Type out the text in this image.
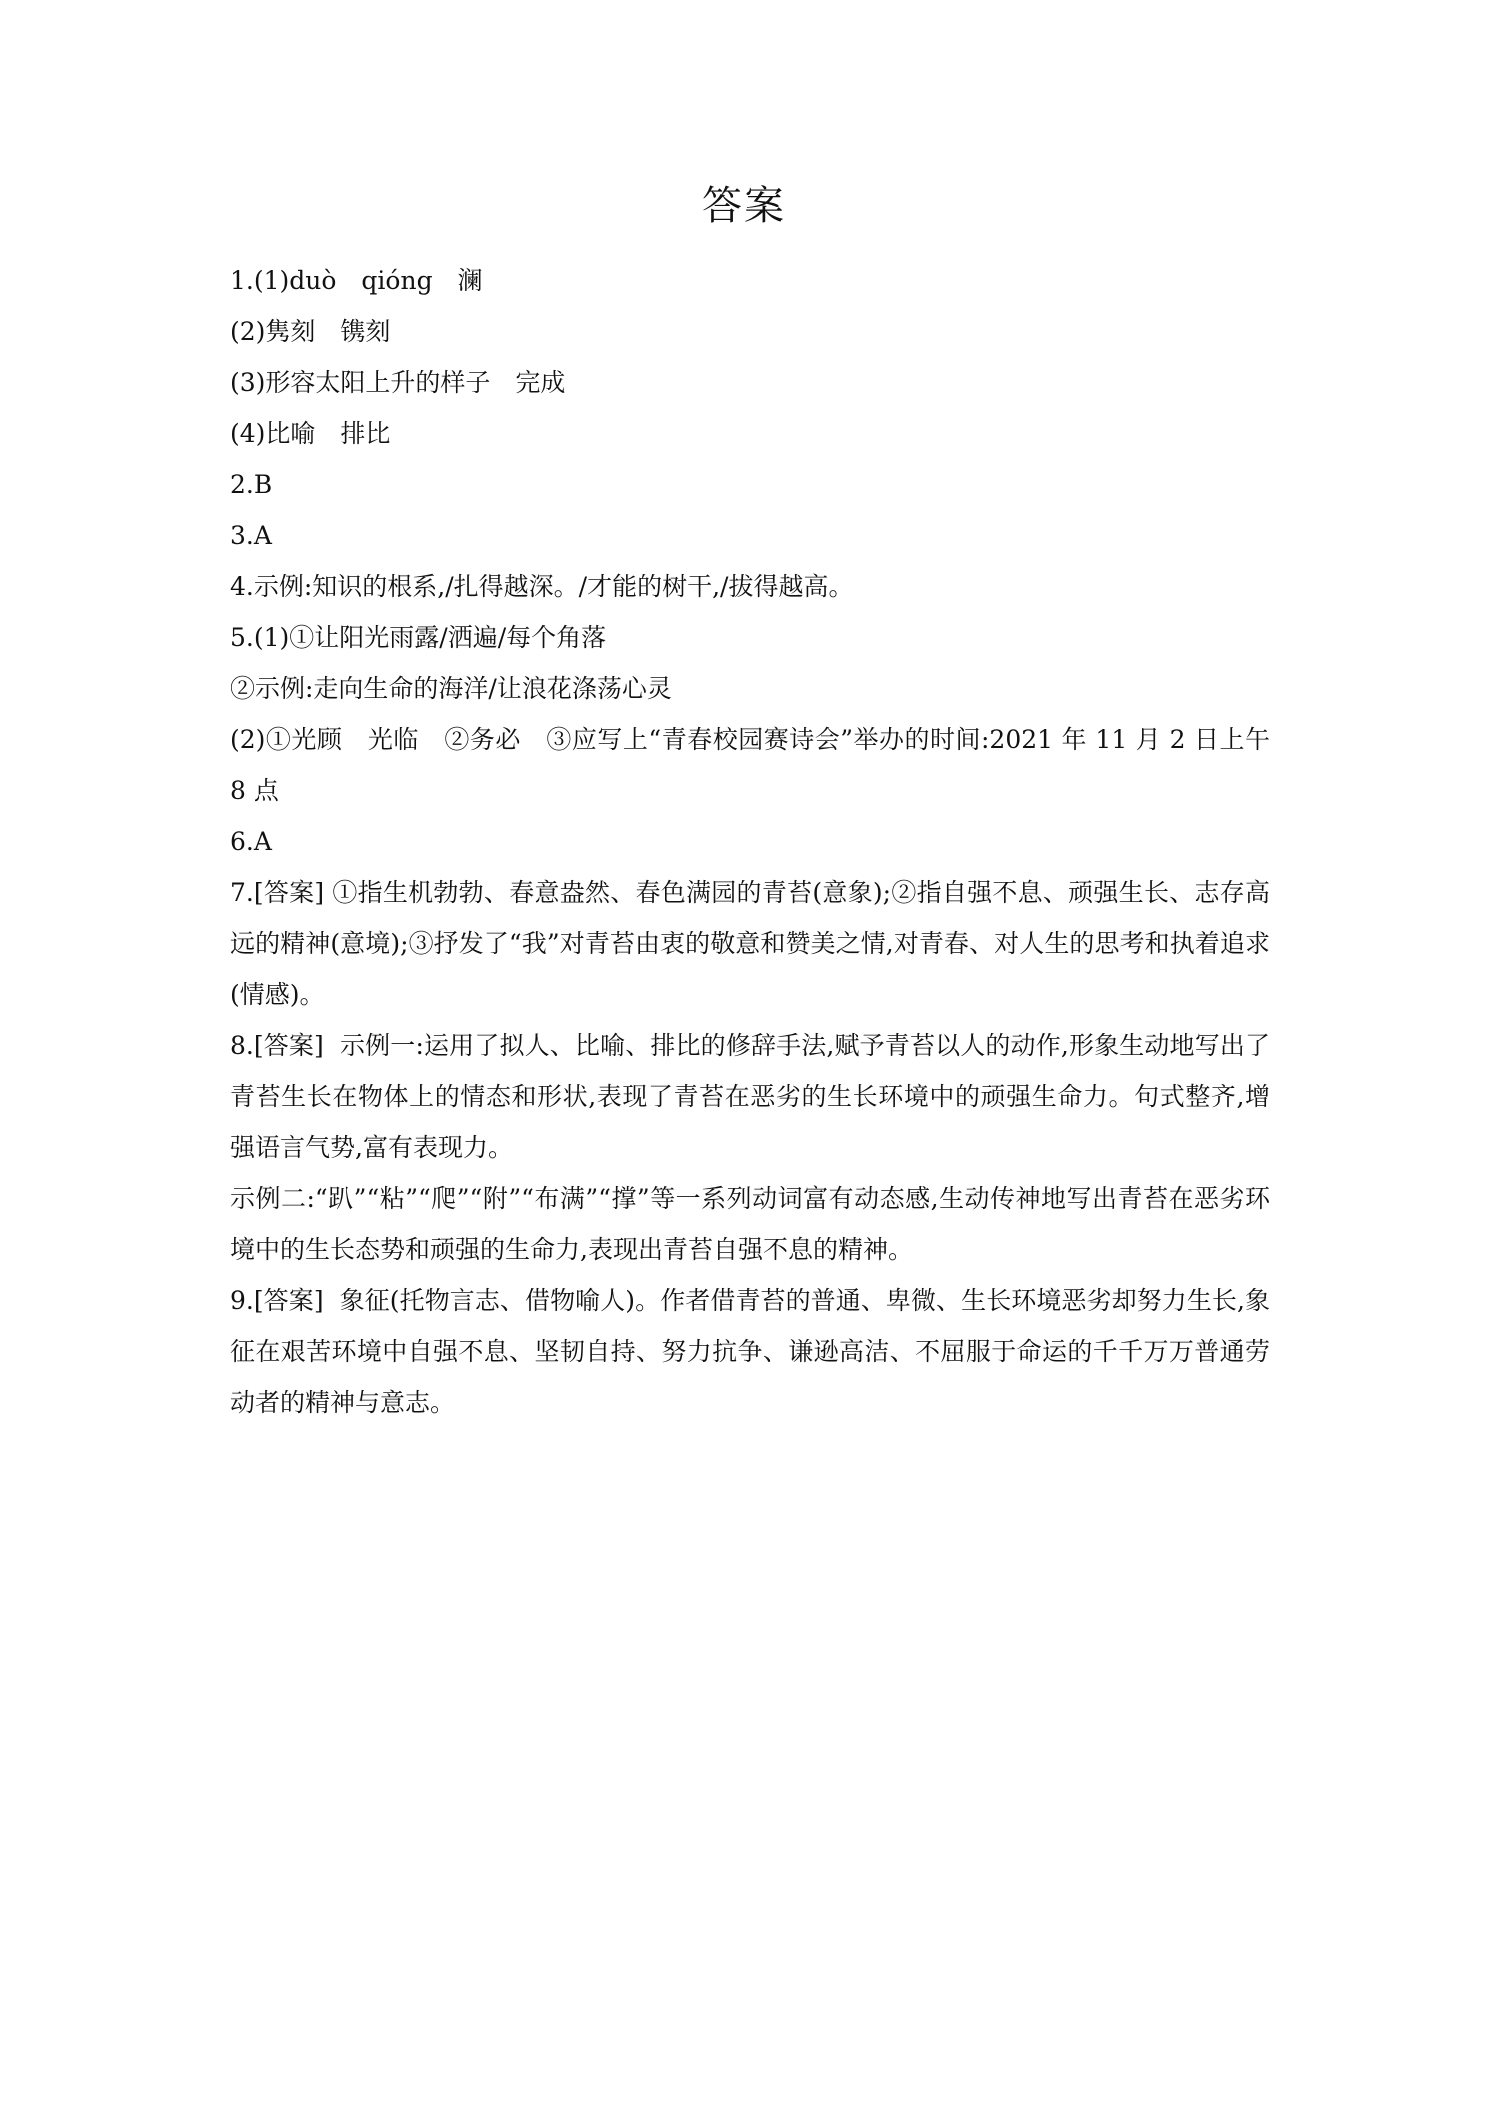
答案
1.(1)duò　qióng　澜
(2)隽刻　镌刻
(3)形容太阳上升的样子　完成
(4)比喻　排比
2.B
3.A
4.示例:知识的根系,/扎得越深。/才能的树干,/拔得越高。
5.(1)①让阳光雨露/洒遍/每个角落
②示例:走向生命的海洋/让浪花涤荡心灵
(2)①光顾　光临　②务必　③应写上“青春校园赛诗会”举办的时间:2021 年 11 月 2 日上午 8 点
6.A
7.[答案] ①指生机勃勃、春意盎然、春色满园的青苔(意象);②指自强不息、顽强生长、志存高远的精神(意境);③抒发了“我”对青苔由衷的敬意和赞美之情,对青春、对人生的思考和执着追求(情感)。
8.[答案]  示例一:运用了拟人、比喻、排比的修辞手法,赋予青苔以人的动作,形象生动地写出了青苔生长在物体上的情态和形状,表现了青苔在恶劣的生长环境中的顽强生命力。句式整齐,增强语言气势,富有表现力。
示例二:“趴”“粘”“爬”“附”“布满”“撑”等一系列动词富有动态感,生动传神地写出青苔在恶劣环境中的生长态势和顽强的生命力,表现出青苔自强不息的精神。
9.[答案]  象征(托物言志、借物喻人)。作者借青苔的普通、卑微、生长环境恶劣却努力生长,象征在艰苦环境中自强不息、坚韧自持、努力抗争、谦逊高洁、不屈服于命运的千千万万普通劳动者的精神与意志。
